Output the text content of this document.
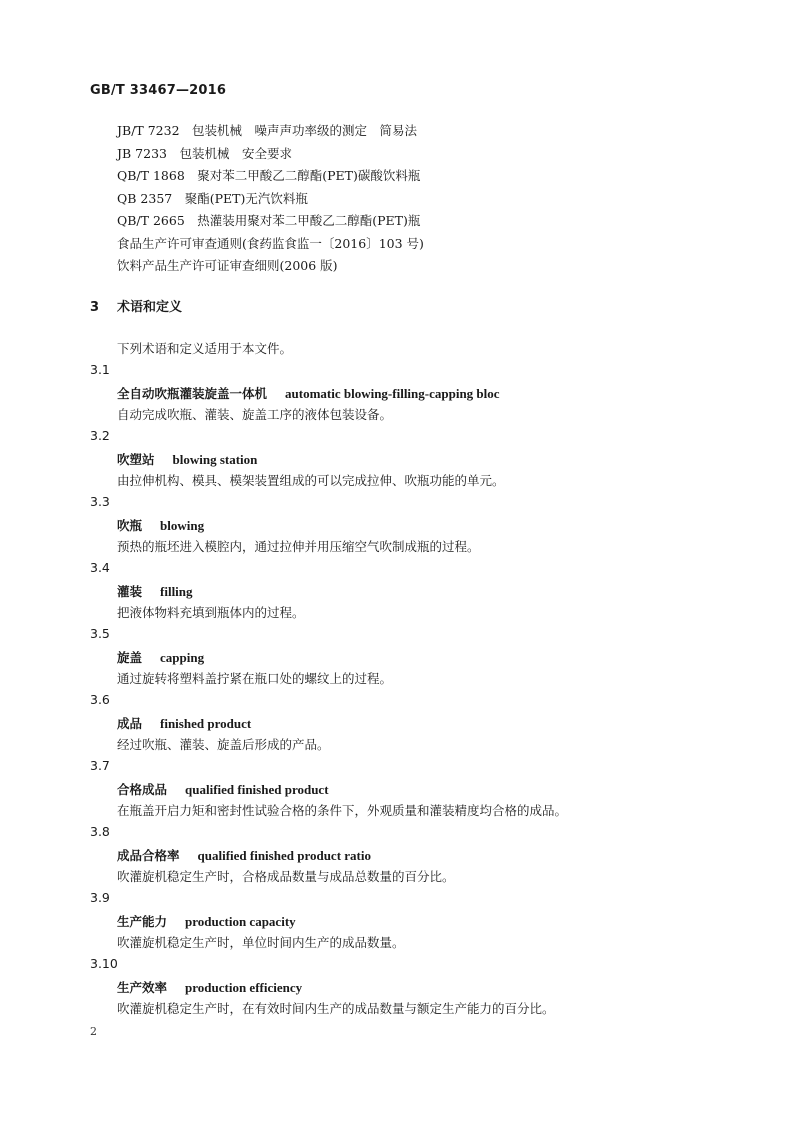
GB/T 33467—2016
JB/T 7232　包装机械　噪声声功率级的测定　简易法
JB 7233　包装机械　安全要求
QB/T 1868　聚对苯二甲酸乙二醇酯(PET)碳酸饮料瓶
QB 2357　聚酯(PET)无汽饮料瓶
QB/T 2665　热灌装用聚对苯二甲酸乙二醇酯(PET)瓶
食品生产许可审查通则(食药监食监一〔2016〕103 号)
饮料产品生产许可证审查细则(2006 版)
3 术语和定义
下列术语和定义适用于本文件。
3.1
全自动吹瓶灌装旋盖一体机 automatic blowing-filling-capping bloc
自动完成吹瓶、灌装、旋盖工序的液体包装设备。
3.2
吹塑站 blowing station
由拉伸机构、模具、模架装置组成的可以完成拉伸、吹瓶功能的单元。
3.3
吹瓶 blowing
预热的瓶坯进入模腔内，通过拉伸并用压缩空气吹制成瓶的过程。
3.4
灌装 filling
把液体物料充填到瓶体内的过程。
3.5
旋盖 capping
通过旋转将塑料盖拧紧在瓶口处的螺纹上的过程。
3.6
成品 finished product
经过吹瓶、灌装、旋盖后形成的产品。
3.7
合格成品 qualified finished product
在瓶盖开启力矩和密封性试验合格的条件下，外观质量和灌装精度均合格的成品。
3.8
成品合格率 qualified finished product ratio
吹灌旋机稳定生产时，合格成品数量与成品总数量的百分比。
3.9
生产能力 production capacity
吹灌旋机稳定生产时，单位时间内生产的成品数量。
3.10
生产效率 production efficiency
吹灌旋机稳定生产时，在有效时间内生产的成品数量与额定生产能力的百分比。
2
